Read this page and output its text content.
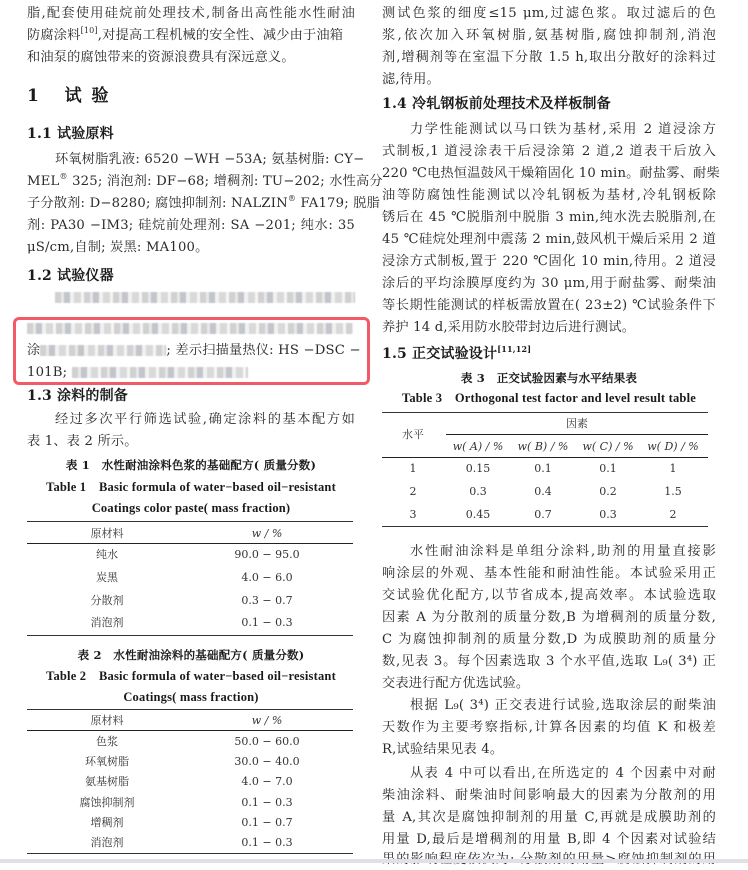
脂,配套使用硅烷前处理技术,制备出高性能水性耐油
防腐涂料[10],对提高工程机械的安全性、减少由于油箱
和油泵的腐蚀带来的资源浪费具有深远意义。
1 试 验
1.1 试验原料
环氧树脂乳液: 6520 −WH −53A; 氨基树脂: CY−
MEL® 325; 消泡剂: DF−68; 增稠剂: TU−202; 水性高分
子分散剂: D−8280; 腐蚀抑制剂: NALZIN® FA179; 脱脂
剂: PA30 −IM3; 硅烷前处理剂: SA −201; 纯水: 35
μS/cm,自制; 炭黑: MA100。
1.2 试验仪器
涂	; 差示扫描量热仪: HS −DSC −
101B;
1.3 涂料的制备
经过多次平行筛选试验,确定涂料的基本配方如
表 1、表 2 所示。
表 1　水性耐油涂料色浆的基础配方( 质量分数)
Table 1　Basic formula of water−based oil−resistant
Coatings color paste( mass fraction)
原材料	w / %
纯水	90.0 − 95.0
炭黑	4.0 − 6.0
分散剂	0.3 − 0.7
消泡剂	0.1 − 0.3
表 2　水性耐油涂料的基础配方( 质量分数)
Table 2　Basic formula of water−based oil−resistant
Coatings( mass fraction)
原材料	w / %
色浆	50.0 − 60.0
环氧树脂	30.0 − 40.0
氨基树脂	4.0 − 7.0
腐蚀抑制剂	0.1 − 0.3
增稠剂	0.1 − 0.7
消泡剂	0.1 − 0.3
测试色浆的细度≤15 μm,过滤色浆。取过滤后的色
浆,依次加入环氧树脂,氨基树脂,腐蚀抑制剂,消泡
剂,增稠剂等在室温下分散 1.5 h,取出分散好的涂料过
滤,待用。
1.4 冷轧钢板前处理技术及样板制备
力学性能测试以马口铁为基材,采用 2 道浸涂方
式制板,1 道浸涂表干后浸涂第 2 道,2 道表干后放入
220 ℃电热恒温鼓风干燥箱固化 10 min。耐盐雾、耐柴
油等防腐蚀性能测试以冷轧钢板为基材,冷轧钢板除
锈后在 45 ℃脱脂剂中脱脂 3 min,纯水洗去脱脂剂,在
45 ℃硅烷处理剂中震荡 2 min,鼓风机干燥后采用 2 道
浸涂方式制板,置于 220 ℃固化 10 min,待用。2 道浸
涂后的平均涂膜厚度约为 30 μm,用于耐盐雾、耐柴油
等长期性能测试的样板需放置在( 23±2) ℃试验条件下
养护 14 d,采用防水胶带封边后进行测试。
1.5 正交试验设计[11,12]
表 3　正交试验因素与水平结果表
Table 3　Orthogonal test factor and level result table
水平
因素
w( A) / %	w( B) / %	w( C) / %	w( D) / %
1	0.15	0.1	0.1	1
2	0.3	0.4	0.2	1.5
3	0.45	0.7	0.3	2
水性耐油涂料是单组分涂料,助剂的用量直接影
响涂层的外观、基本性能和耐油性能。本试验采用正
交试验优化配方,以节省成本,提高效率。本试验选取
因素 A 为分散剂的质量分数,B 为增稠剂的质量分数,
C 为腐蚀抑制剂的质量分数,D 为成膜助剂的质量分
数,见表 3。每个因素选取 3 个水平值,选取 L₉( 3⁴) 正
交表进行配方优选试验。
根据 L₉( 3⁴) 正交表进行试验,选取涂层的耐柴油
天数作为主要考察指标,计算各因素的均值 K 和极差
R,试验结果见表 4。
从表 4 中可以看出,在所选定的 4 个因素中对耐
柴油涂料、耐柴油时间影响最大的因素为分散剂的用
量 A,其次是腐蚀抑制剂的用量 C,再就是成膜助剂的
用量 D,最后是增稠剂的用量 B,即 4 个因素对试验结
